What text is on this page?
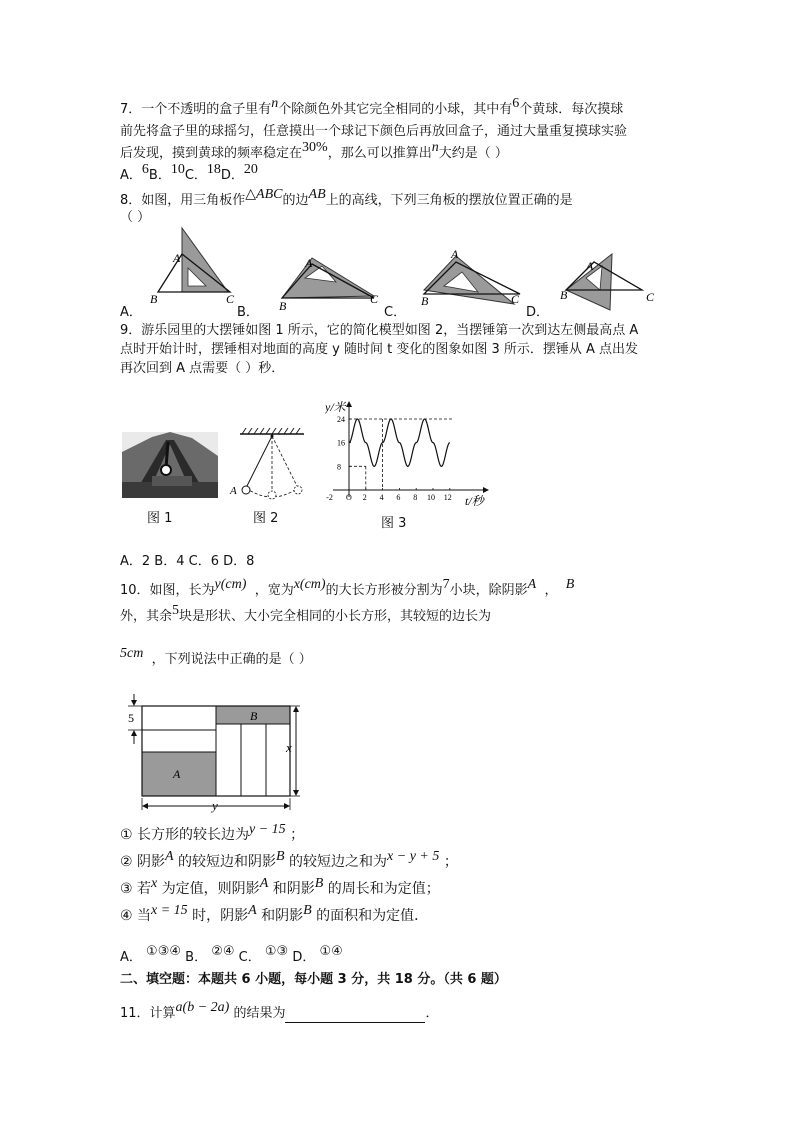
7．一个不透明的盒子里有n个除颜色外其它完全相同的小球，其中有6个黄球．每次摸球
前先将盒子里的球摇匀，任意摸出一个球记下颜色后再放回盒子，通过大量重复摸球实验
后发现，摸到黄球的频率稳定在30%，那么可以推算出n大约是（ ）
A．6B．10C．18D．20
8．如图，用三角板作△ABC的边AB上的高线，下列三角板的摆放位置正确的是
（ ）
A
B	C
A
B	C
A
B	C
A
B	C
A．	B．	C．	D．
9．游乐园里的大摆锤如图 1 所示，它的简化模型如图 2，当摆锤第一次到达左侧最高点 A
点时开始计时，摆锤相对地面的高度 y 随时间 t 变化的图象如图 3 所示．摆锤从 A 点出发
再次回到 A 点需要（ ）秒．
图 1
A
图 2
y/米
t/秒
-2 O 2 4 6 8 10 12
8
16
24
图 3
A．2 B．4 C．6 D．8
10．如图，长为y(cm) ，宽为x(cm)的大长方形被分割为7小块，除阴影A ， B
外，其余5块是形状、大小完全相同的小长方形，其较短的边长为
5cm ，下列说法中正确的是（ ）
B
A
5
x
y
① 长方形的较长边为y − 15 ；
② 阴影A 的较短边和阴影B 的较短边之和为x − y + 5 ；
③ 若x 为定值，则阴影A 和阴影B 的周长和为定值；
④ 当x = 15 时，阴影A 和阴影B 的面积和为定值．
A． ①③④ B． ②④ C． ①③ D． ①④
二、填空题：本题共 6 小题，每小题 3 分，共 18 分。（共 6 题）
11．计算a(b − 2a) 的结果为	．
